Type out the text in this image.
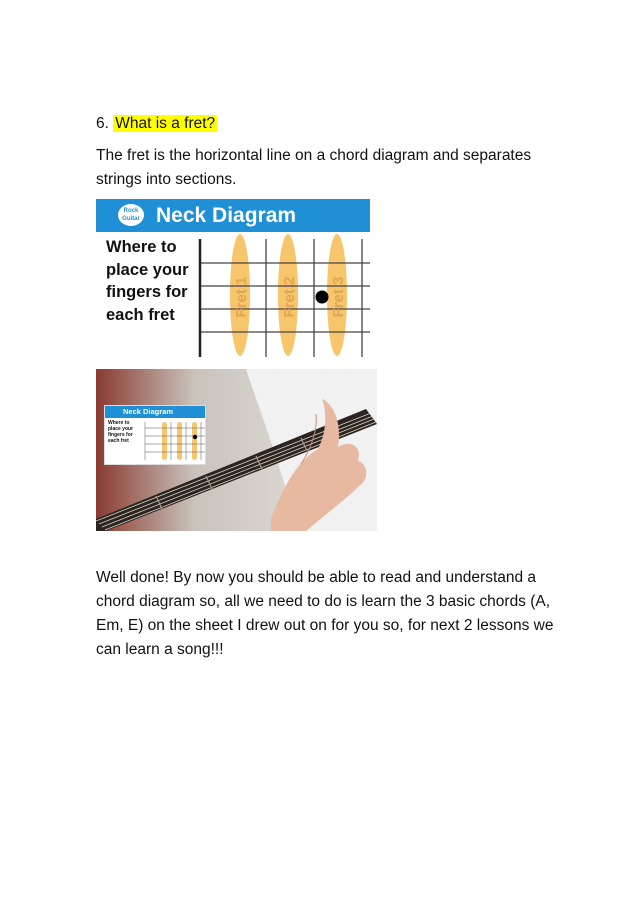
6. What is a fret?
The fret is the horizontal line on a chord diagram and separates strings into sections.
Rock Guitar Neck Diagram
Where to
place your
fingers for
each fret	Fret 1 Fret 2 Fret 3
Neck Diagram
Where to
place your
fingers for
each fret
Well done! By now you should be able to read and understand a chord diagram so, all we need to do is learn the 3 basic chords (A, Em, E) on the sheet I drew out on for you so, for next 2 lessons we can learn a song!!!
